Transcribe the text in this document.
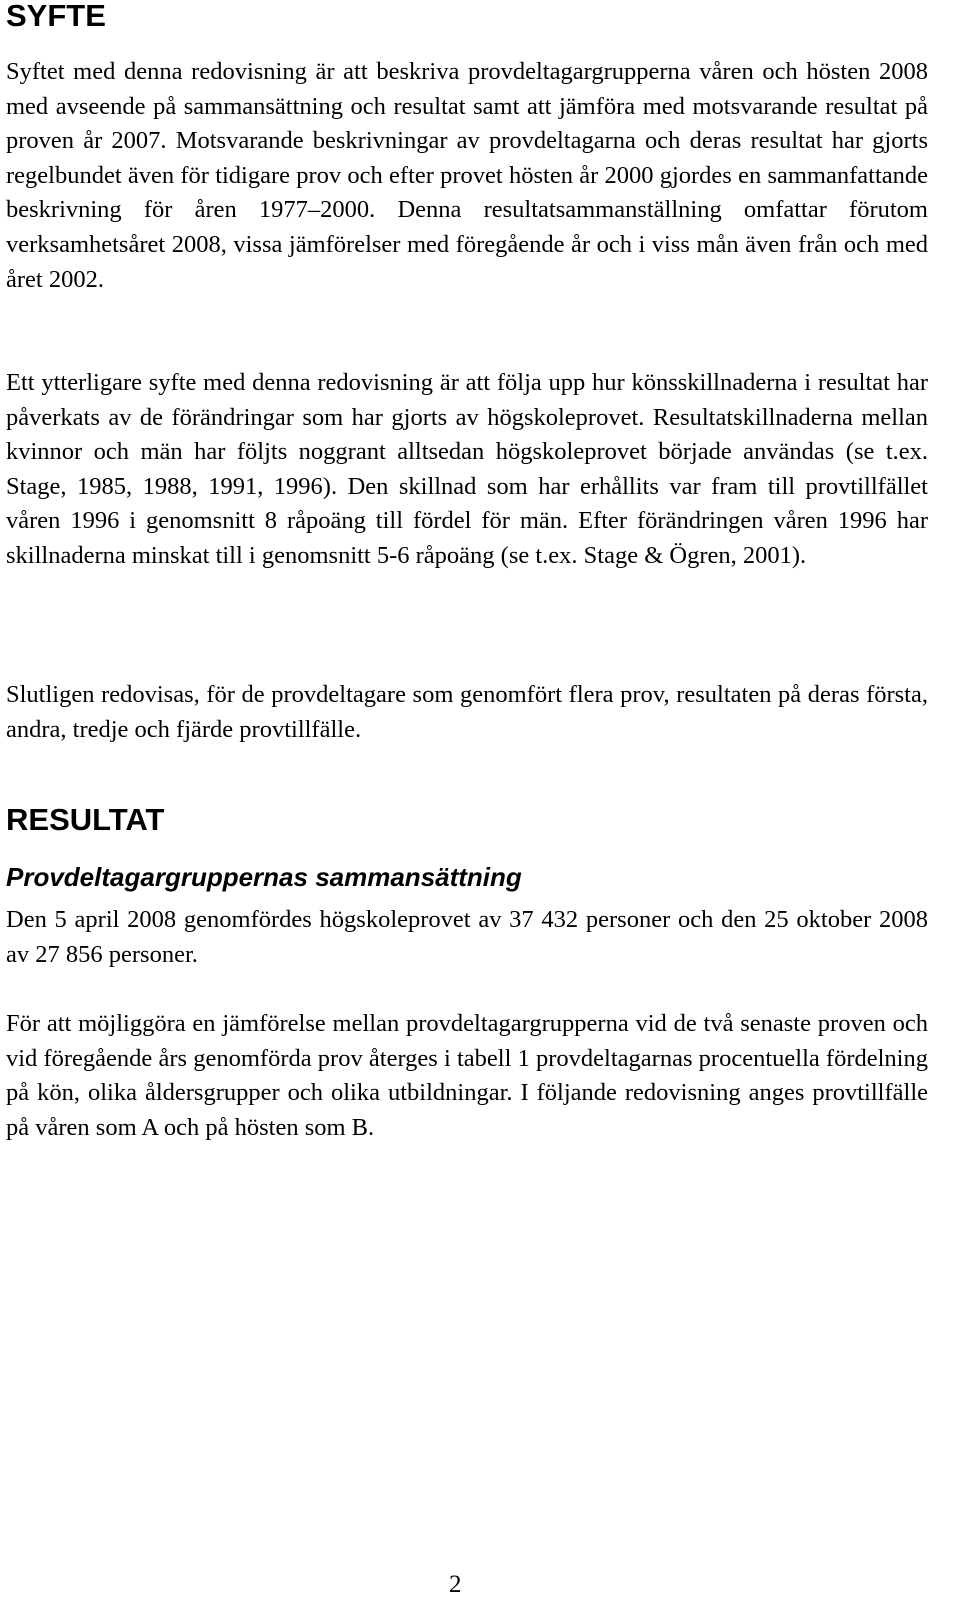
SYFTE

Syftet med denna redovisning är att beskriva provdeltagargrupperna våren och hösten 2008 med avseende på sammansättning och resultat samt att jämföra med motsvarande resultat på proven år 2007. Motsvarande beskrivningar av provdeltagarna och deras resultat har gjorts regelbundet även för tidigare prov och efter provet hösten år 2000 gjordes en sammanfattande beskrivning för åren 1977–2000. Denna resultatsammanställning omfattar förutom verksamhetsåret 2008, vissa jämförelser med föregående år och i viss mån även från och med året 2002.

Ett ytterligare syfte med denna redovisning är att följa upp hur könsskillnaderna i resultat har påverkats av de förändringar som har gjorts av högskoleprovet. Resultatskillnaderna mellan kvinnor och män har följts noggrant alltsedan högskoleprovet började användas (se t.ex. Stage, 1985, 1988, 1991, 1996). Den skillnad som har erhållits var fram till provtillfället våren 1996 i genomsnitt 8 råpoäng till fördel för män. Efter förändringen våren 1996 har skillnaderna minskat till i genomsnitt 5-6 råpoäng (se t.ex. Stage & Ögren, 2001).

Slutligen redovisas, för de provdeltagare som genomfört flera prov, resultaten på deras första, andra, tredje och fjärde provtillfälle.

RESULTAT
Provdeltagargruppernas sammansättning

Den 5 april 2008 genomfördes högskoleprovet av 37 432 personer och den 25 oktober 2008 av 27 856 personer.

För att möjliggöra en jämförelse mellan provdeltagargrupperna vid de två senaste proven och vid föregående års genomförda prov återges i tabell 1 provdeltagarnas procentuella fördelning på kön, olika åldersgrupper och olika utbildningar. I följande redovisning anges provtillfälle på våren som A och på hösten som B.

2
